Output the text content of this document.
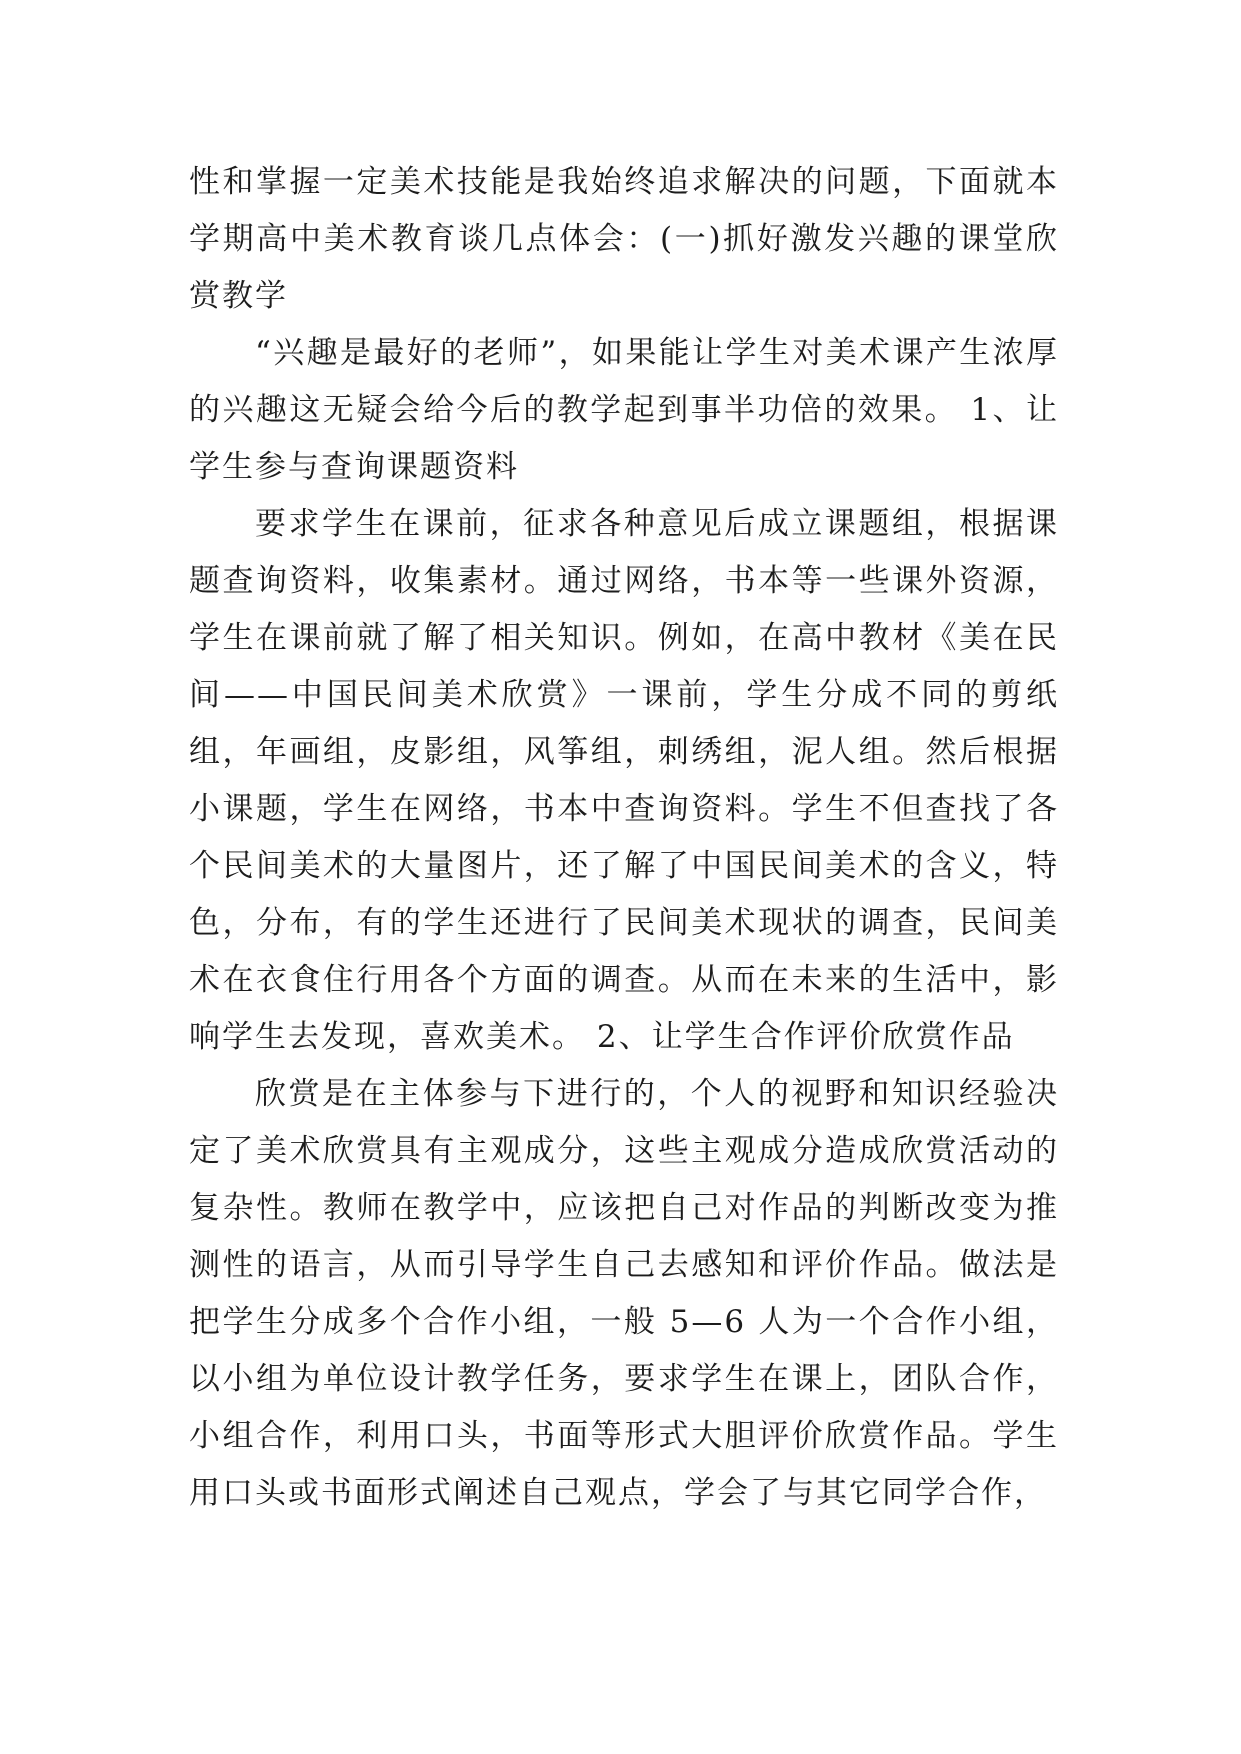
性和掌握一定美术技能是我始终追求解决的问题，下面就本学期高中美术教育谈几点体会：(一)抓好激发兴趣的课堂欣赏教学

“兴趣是最好的老师”，如果能让学生对美术课产生浓厚的兴趣这无疑会给今后的教学起到事半功倍的效果。 1、让学生参与查询课题资料

要求学生在课前，征求各种意见后成立课题组，根据课题查询资料，收集素材。通过网络，书本等一些课外资源，学生在课前就了解了相关知识。例如，在高中教材《美在民间——中国民间美术欣赏》一课前，学生分成不同的剪纸组，年画组，皮影组，风筝组，刺绣组，泥人组。然后根据小课题，学生在网络，书本中查询资料。学生不但查找了各个民间美术的大量图片，还了解了中国民间美术的含义，特色，分布，有的学生还进行了民间美术现状的调查，民间美术在衣食住行用各个方面的调查。从而在未来的生活中，影响学生去发现，喜欢美术。 2、让学生合作评价欣赏作品

欣赏是在主体参与下进行的，个人的视野和知识经验决定了美术欣赏具有主观成分，这些主观成分造成欣赏活动的复杂性。教师在教学中，应该把自己对作品的判断改变为推测性的语言，从而引导学生自己去感知和评价作品。做法是把学生分成多个合作小组，一般 5—6 人为一个合作小组，以小组为单位设计教学任务，要求学生在课上，团队合作，小组合作，利用口头，书面等形式大胆评价欣赏作品。学生用口头或书面形式阐述自己观点，学会了与其它同学合作，
